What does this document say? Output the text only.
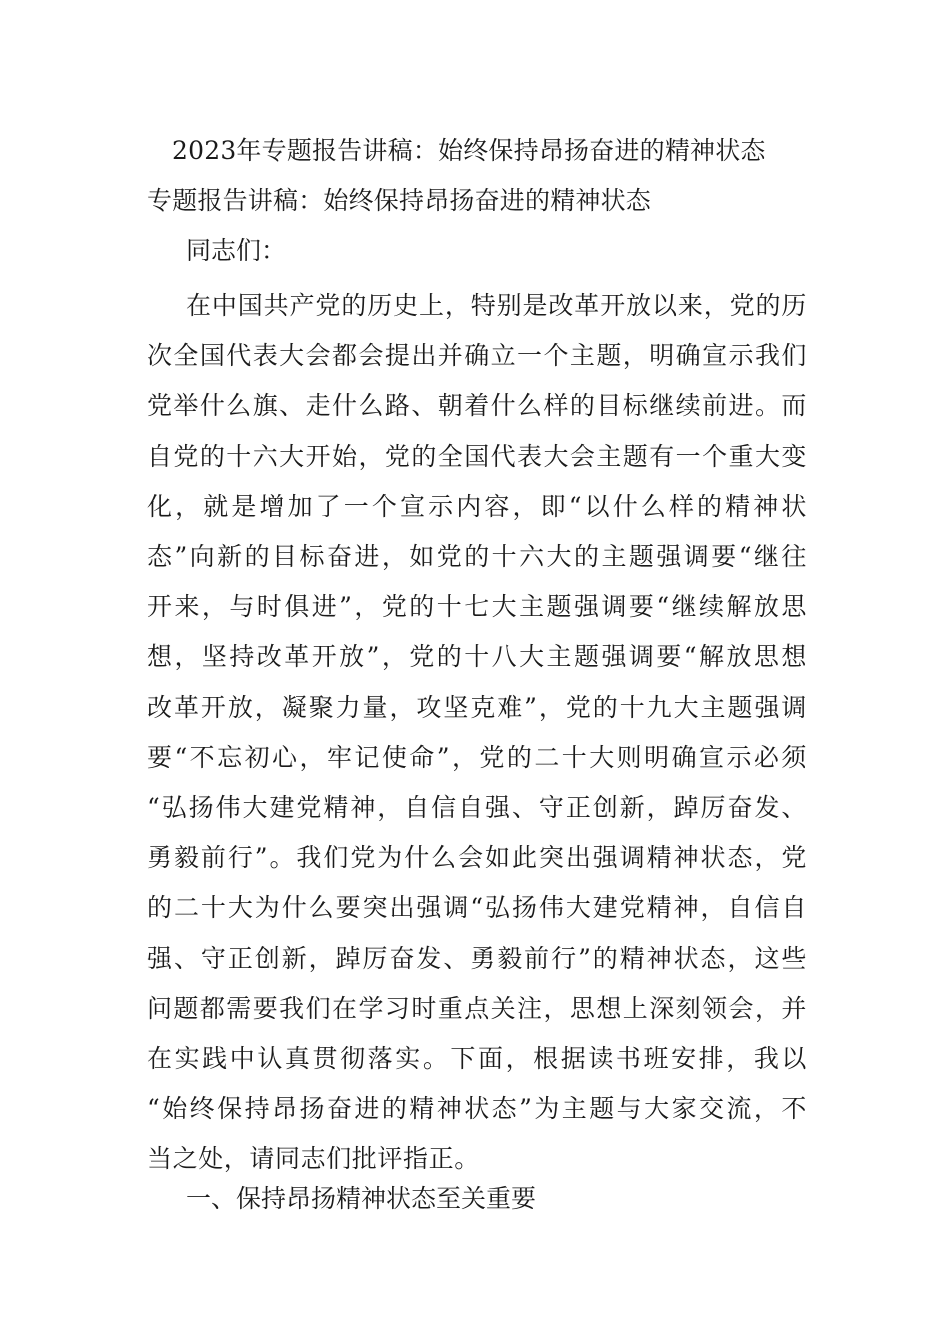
2023年专题报告讲稿：始终保持昂扬奋进的精神状态
专题报告讲稿：始终保持昂扬奋进的精神状态
同志们：
在中国共产党的历史上，特别是改革开放以来，党的历
次全国代表大会都会提出并确立一个主题，明确宣示我们
党举什么旗、走什么路、朝着什么样的目标继续前进。而
自党的十六大开始，党的全国代表大会主题有一个重大变
化，就是增加了一个宣示内容，即“以什么样的精神状
态”向新的目标奋进，如党的十六大的主题强调要“继往
开来，与时俱进”，党的十七大主题强调要“继续解放思
想，坚持改革开放”，党的十八大主题强调要“解放思想
改革开放，凝聚力量，攻坚克难”，党的十九大主题强调
要“不忘初心，牢记使命”，党的二十大则明确宣示必须
“弘扬伟大建党精神，自信自强、守正创新，踔厉奋发、
勇毅前行”。我们党为什么会如此突出强调精神状态，党
的二十大为什么要突出强调“弘扬伟大建党精神，自信自
强、守正创新，踔厉奋发、勇毅前行”的精神状态，这些
问题都需要我们在学习时重点关注，思想上深刻领会，并
在实践中认真贯彻落实。下面，根据读书班安排，我以
“始终保持昂扬奋进的精神状态”为主题与大家交流，不
当之处，请同志们批评指正。
一、保持昂扬精神状态至关重要
